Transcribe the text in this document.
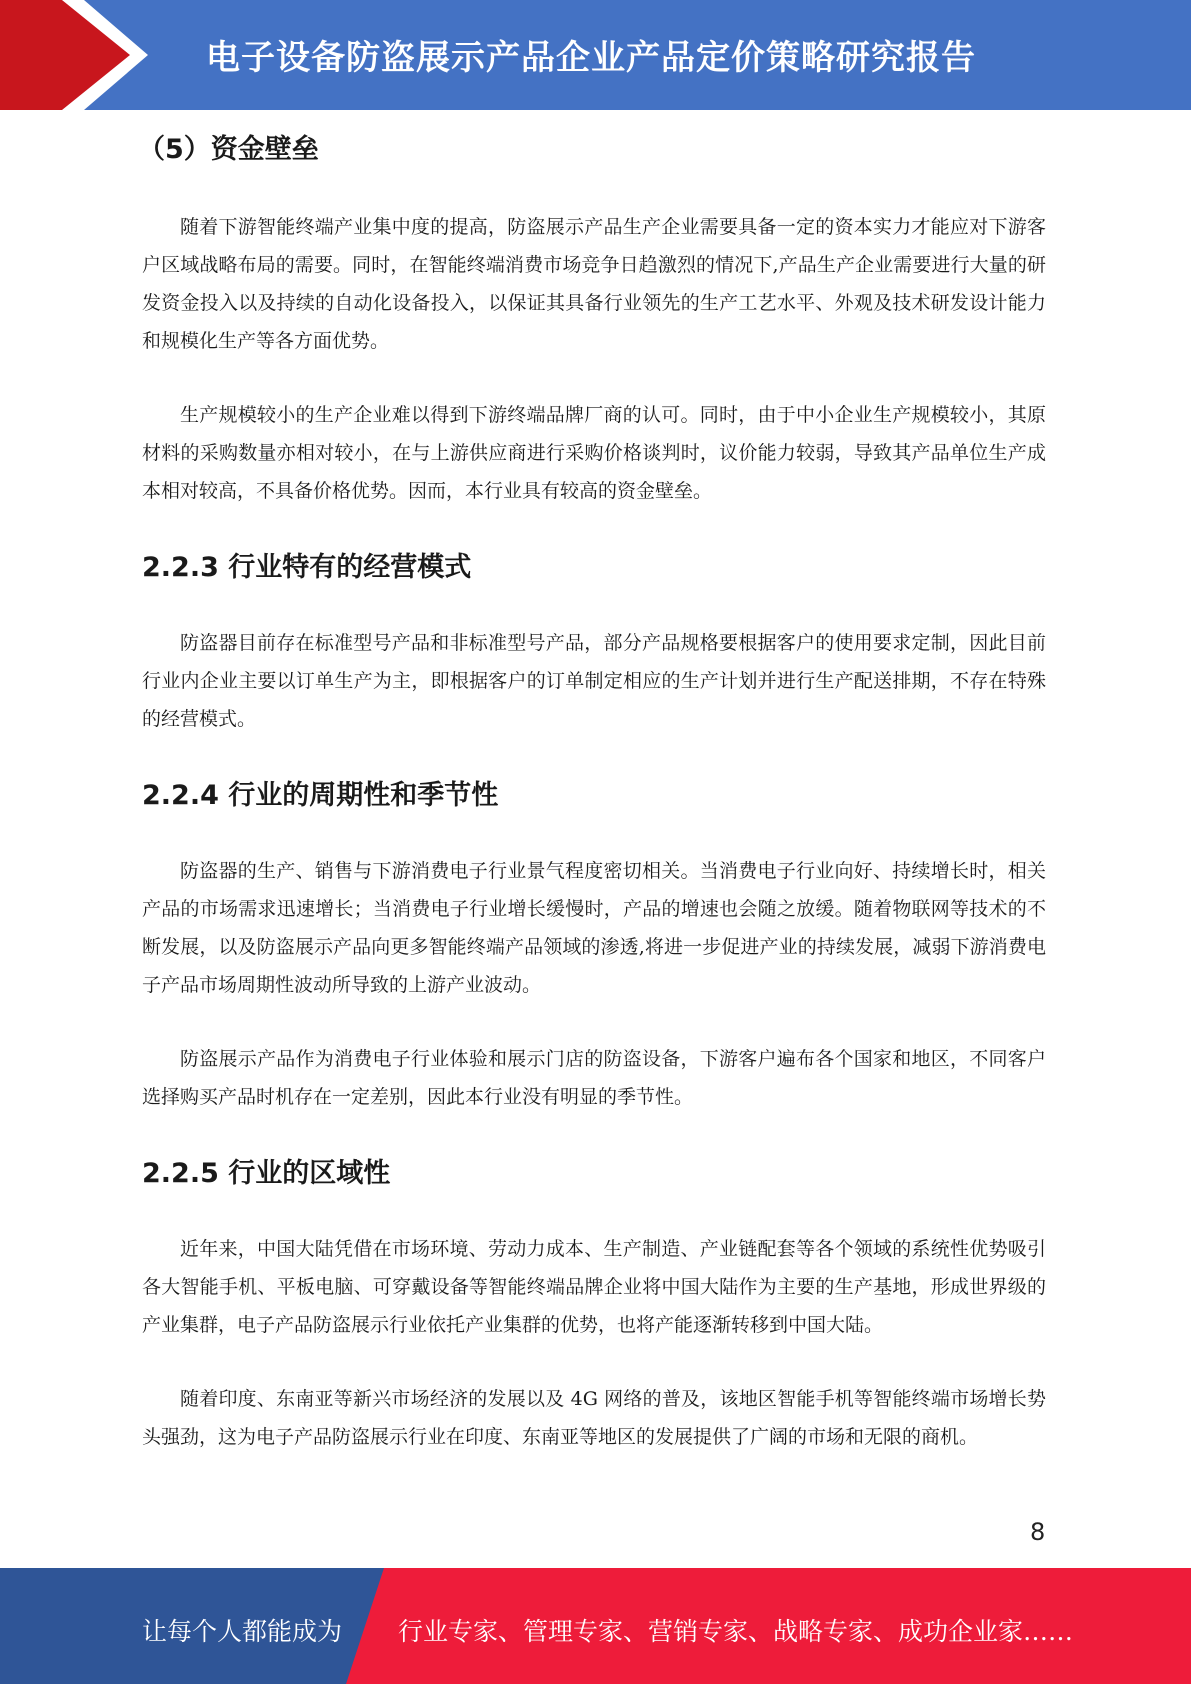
电子设备防盗展示产品企业产品定价策略研究报告
（5）资金壁垒

随着下游智能终端产业集中度的提高，防盗展示产品生产企业需要具备一定的资本实力才能应对下游客户区域战略布局的需要。同时，在智能终端消费市场竞争日趋激烈的情况下,产品生产企业需要进行大量的研发资金投入以及持续的自动化设备投入，以保证其具备行业领先的生产工艺水平、外观及技术研发设计能力和规模化生产等各方面优势。

生产规模较小的生产企业难以得到下游终端品牌厂商的认可。同时，由于中小企业生产规模较小，其原材料的采购数量亦相对较小，在与上游供应商进行采购价格谈判时，议价能力较弱，导致其产品单位生产成本相对较高，不具备价格优势。因而，本行业具有较高的资金壁垒。

2.2.3 行业特有的经营模式

防盗器目前存在标准型号产品和非标准型号产品，部分产品规格要根据客户的使用要求定制，因此目前行业内企业主要以订单生产为主，即根据客户的订单制定相应的生产计划并进行生产配送排期，不存在特殊的经营模式。

2.2.4 行业的周期性和季节性

防盗器的生产、销售与下游消费电子行业景气程度密切相关。当消费电子行业向好、持续增长时，相关产品的市场需求迅速增长；当消费电子行业增长缓慢时，产品的增速也会随之放缓。随着物联网等技术的不断发展，以及防盗展示产品向更多智能终端产品领域的渗透,将进一步促进产业的持续发展，减弱下游消费电子产品市场周期性波动所导致的上游产业波动。

防盗展示产品作为消费电子行业体验和展示门店的防盗设备，下游客户遍布各个国家和地区，不同客户选择购买产品时机存在一定差别，因此本行业没有明显的季节性。

2.2.5 行业的区域性

近年来，中国大陆凭借在市场环境、劳动力成本、生产制造、产业链配套等各个领域的系统性优势吸引各大智能手机、平板电脑、可穿戴设备等智能终端品牌企业将中国大陆作为主要的生产基地，形成世界级的产业集群，电子产品防盗展示行业依托产业集群的优势，也将产能逐渐转移到中国大陆。

随着印度、东南亚等新兴市场经济的发展以及 4G 网络的普及，该地区智能手机等智能终端市场增长势头强劲，这为电子产品防盗展示行业在印度、东南亚等地区的发展提供了广阔的市场和无限的商机。

8
让每个人都能成为 行业专家、管理专家、营销专家、战略专家、成功企业家……
